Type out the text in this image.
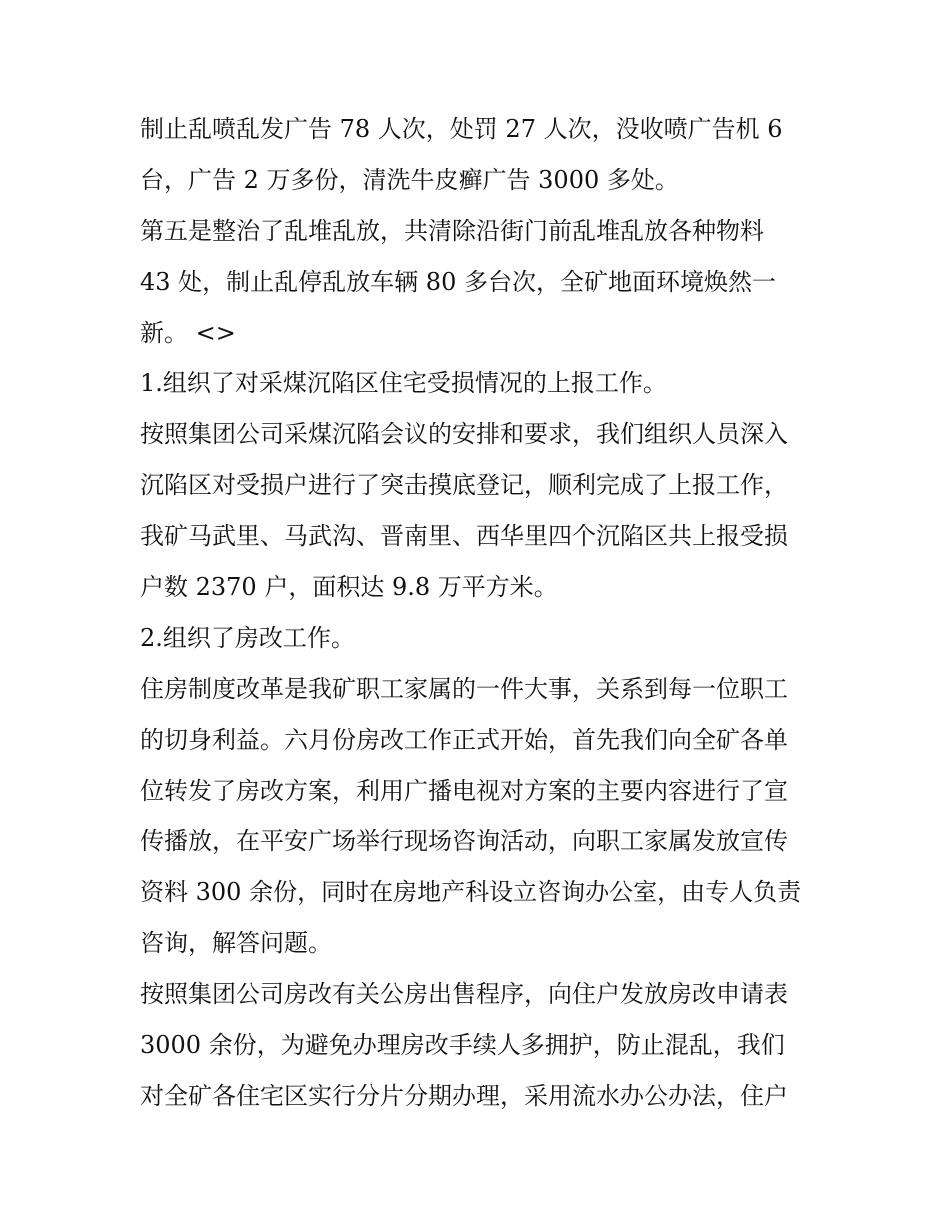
制止乱喷乱发广告 78 人次，处罚 27 人次，没收喷广告机 6
台，广告 2 万多份，清洗牛皮癣广告 3000 多处。

第五是整治了乱堆乱放，共清除沿街门前乱堆乱放各种物料
43 处，制止乱停乱放车辆 80 多台次，全矿地面环境焕然一
新。 <>

1.组织了对采煤沉陷区住宅受损情况的上报工作。

按照集团公司采煤沉陷会议的安排和要求，我们组织人员深入
沉陷区对受损户进行了突击摸底登记，顺利完成了上报工作，
我矿马武里、马武沟、晋南里、西华里四个沉陷区共上报受损
户数 2370 户，面积达 9.8 万平方米。

2.组织了房改工作。

住房制度改革是我矿职工家属的一件大事，关系到每一位职工
的切身利益。六月份房改工作正式开始，首先我们向全矿各单
位转发了房改方案，利用广播电视对方案的主要内容进行了宣
传播放，在平安广场举行现场咨询活动，向职工家属发放宣传
资料 300 余份，同时在房地产科设立咨询办公室，由专人负责
咨询，解答问题。

按照集团公司房改有关公房出售程序，向住户发放房改申请表
3000 余份，为避免办理房改手续人多拥护，防止混乱，我们
对全矿各住宅区实行分片分期办理，采用流水办公办法，住户
